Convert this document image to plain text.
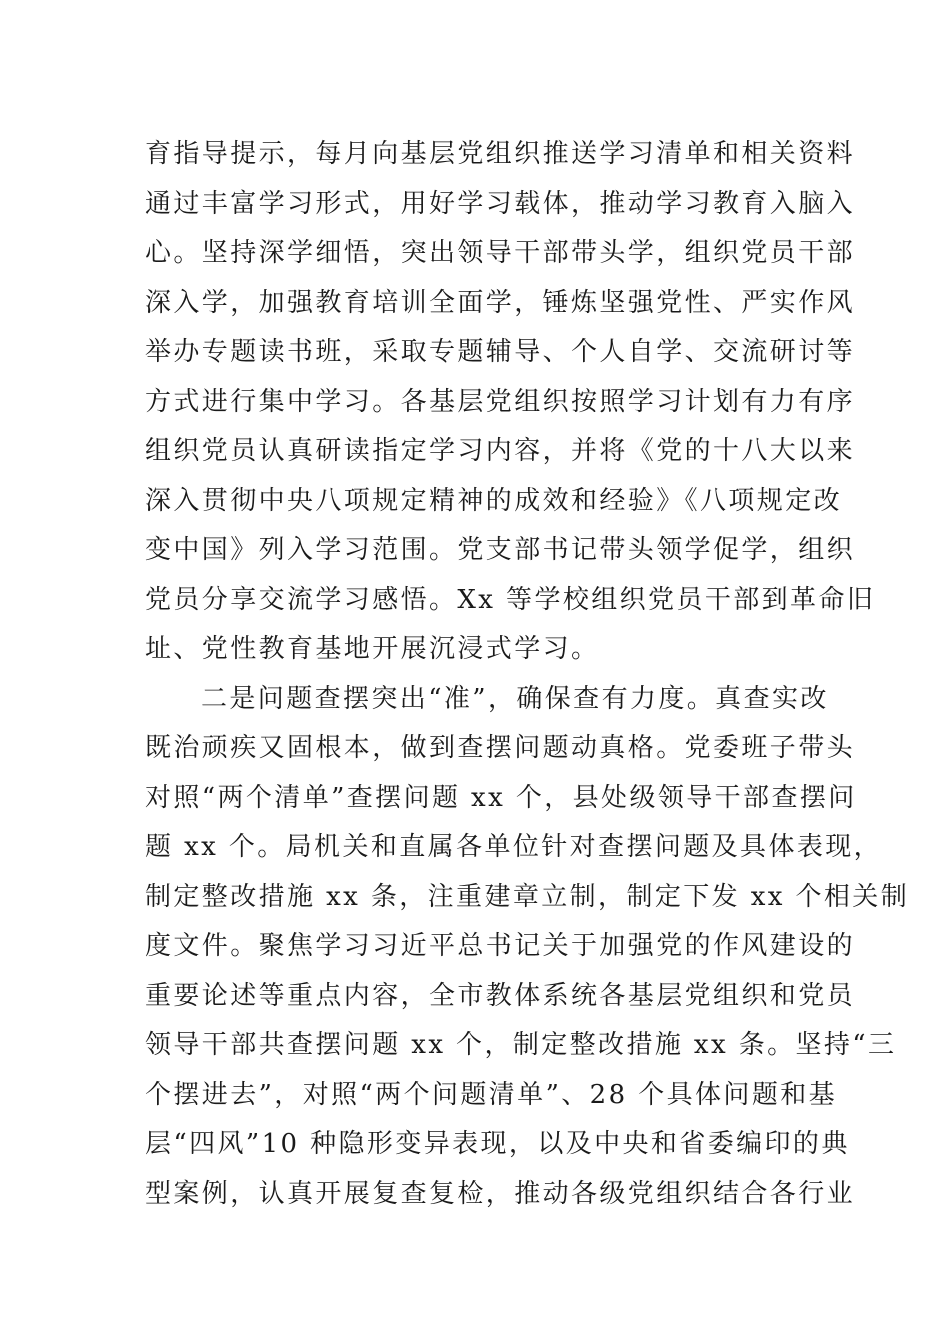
育指导提示，每月向基层党组织推送学习清单和相关资料
通过丰富学习形式，用好学习载体，推动学习教育入脑入
心。坚持深学细悟，突出领导干部带头学，组织党员干部
深入学，加强教育培训全面学，锤炼坚强党性、严实作风
举办专题读书班，采取专题辅导、个人自学、交流研讨等
方式进行集中学习。各基层党组织按照学习计划有力有序
组织党员认真研读指定学习内容，并将《党的十八大以来
深入贯彻中央八项规定精神的成效和经验》《八项规定改
变中国》列入学习范围。党支部书记带头领学促学，组织
党员分享交流学习感悟。Xx 等学校组织党员干部到革命旧
址、党性教育基地开展沉浸式学习。
二是问题查摆突出“准”，确保查有力度。真查实改
既治顽疾又固根本，做到查摆问题动真格。党委班子带头
对照“两个清单”查摆问题 xx 个，县处级领导干部查摆问
题 xx 个。局机关和直属各单位针对查摆问题及具体表现，
制定整改措施 xx 条，注重建章立制，制定下发 xx 个相关制
度文件。聚焦学习习近平总书记关于加强党的作风建设的
重要论述等重点内容，全市教体系统各基层党组织和党员
领导干部共查摆问题 xx 个，制定整改措施 xx 条。坚持“三
个摆进去”，对照“两个问题清单”、28 个具体问题和基
层“四风”10 种隐形变异表现，以及中央和省委编印的典
型案例，认真开展复查复检，推动各级党组织结合各行业
